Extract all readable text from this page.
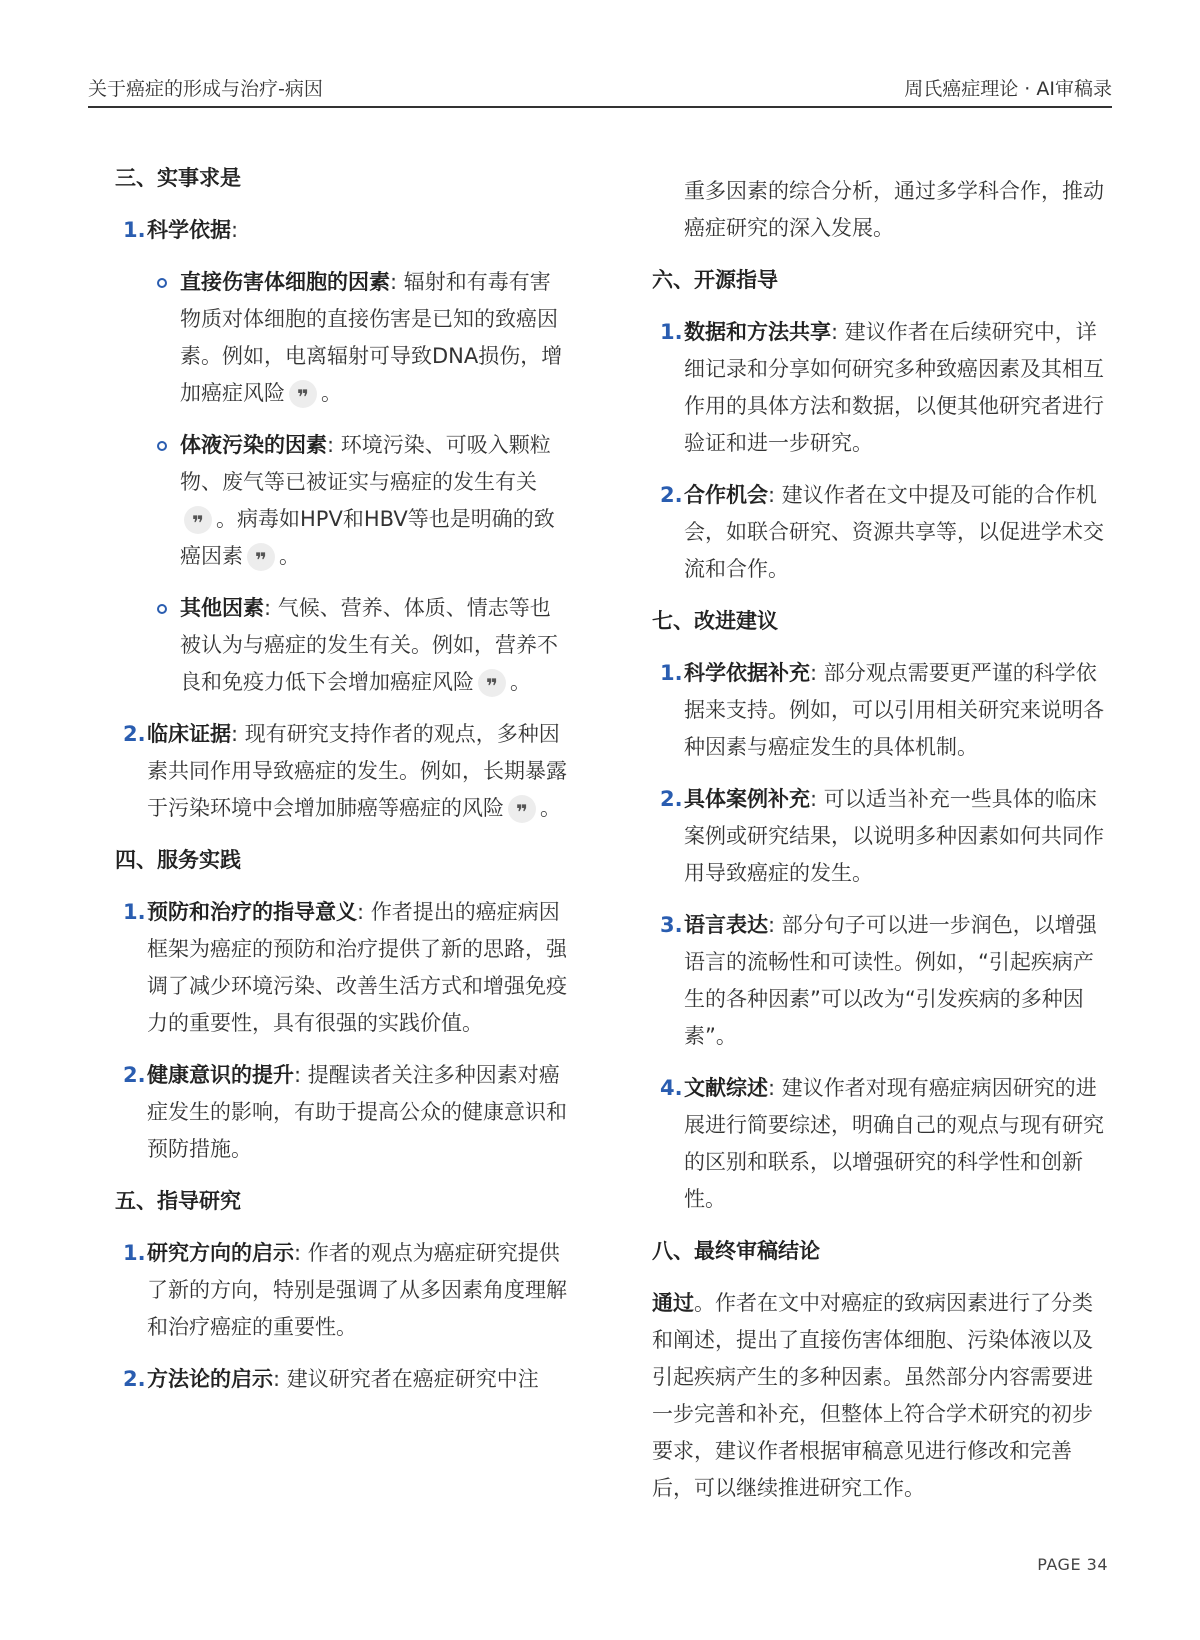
关于癌症的形成与治疗-病因	周氏癌症理论 · AI审稿录
三、实事求是
1. 科学依据:
直接伤害体细胞的因素: 辐射和有毒有害物质对体细胞的直接伤害是已知的致癌因素。例如，电离辐射可导致DNA损伤，增加癌症风险 ❞ 。
体液污染的因素: 环境污染、可吸入颗粒物、废气等已被证实与癌症的发生有关❞ 。病毒如HPV和HBV等也是明确的致癌因素 ❞ 。
其他因素: 气候、营养、体质、情志等也被认为与癌症的发生有关。例如，营养不良和免疫力低下会增加癌症风险 ❞ 。
2. 临床证据: 现有研究支持作者的观点，多种因素共同作用导致癌症的发生。例如，长期暴露于污染环境中会增加肺癌等癌症的风险 ❞ 。
四、服务实践
1. 预防和治疗的指导意义: 作者提出的癌症病因框架为癌症的预防和治疗提供了新的思路，强调了减少环境污染、改善生活方式和增强免疫力的重要性，具有很强的实践价值。
2. 健康意识的提升: 提醒读者关注多种因素对癌症发生的影响，有助于提高公众的健康意识和预防措施。
五、指导研究
1. 研究方向的启示: 作者的观点为癌症研究提供了新的方向，特别是强调了从多因素角度理解和治疗癌症的重要性。
2. 方法论的启示: 建议研究者在癌症研究中注
重多因素的综合分析，通过多学科合作，推动癌症研究的深入发展。
六、开源指导
1. 数据和方法共享: 建议作者在后续研究中，详细记录和分享如何研究多种致癌因素及其相互作用的具体方法和数据，以便其他研究者进行验证和进一步研究。
2. 合作机会: 建议作者在文中提及可能的合作机会，如联合研究、资源共享等，以促进学术交流和合作。
七、改进建议
1. 科学依据补充: 部分观点需要更严谨的科学依据来支持。例如，可以引用相关研究来说明各种因素与癌症发生的具体机制。
2. 具体案例补充: 可以适当补充一些具体的临床案例或研究结果，以说明多种因素如何共同作用导致癌症的发生。
3. 语言表达: 部分句子可以进一步润色，以增强语言的流畅性和可读性。例如，“引起疾病产生的各种因素”可以改为“引发疾病的多种因素”。
4. 文献综述: 建议作者对现有癌症病因研究的进展进行简要综述，明确自己的观点与现有研究的区别和联系，以增强研究的科学性和创新性。
八、最终审稿结论
通过。作者在文中对癌症的致病因素进行了分类和阐述，提出了直接伤害体细胞、污染体液以及引起疾病产生的多种因素。虽然部分内容需要进一步完善和补充，但整体上符合学术研究的初步要求，建议作者根据审稿意见进行修改和完善后，可以继续推进研究工作。
PAGE 34
